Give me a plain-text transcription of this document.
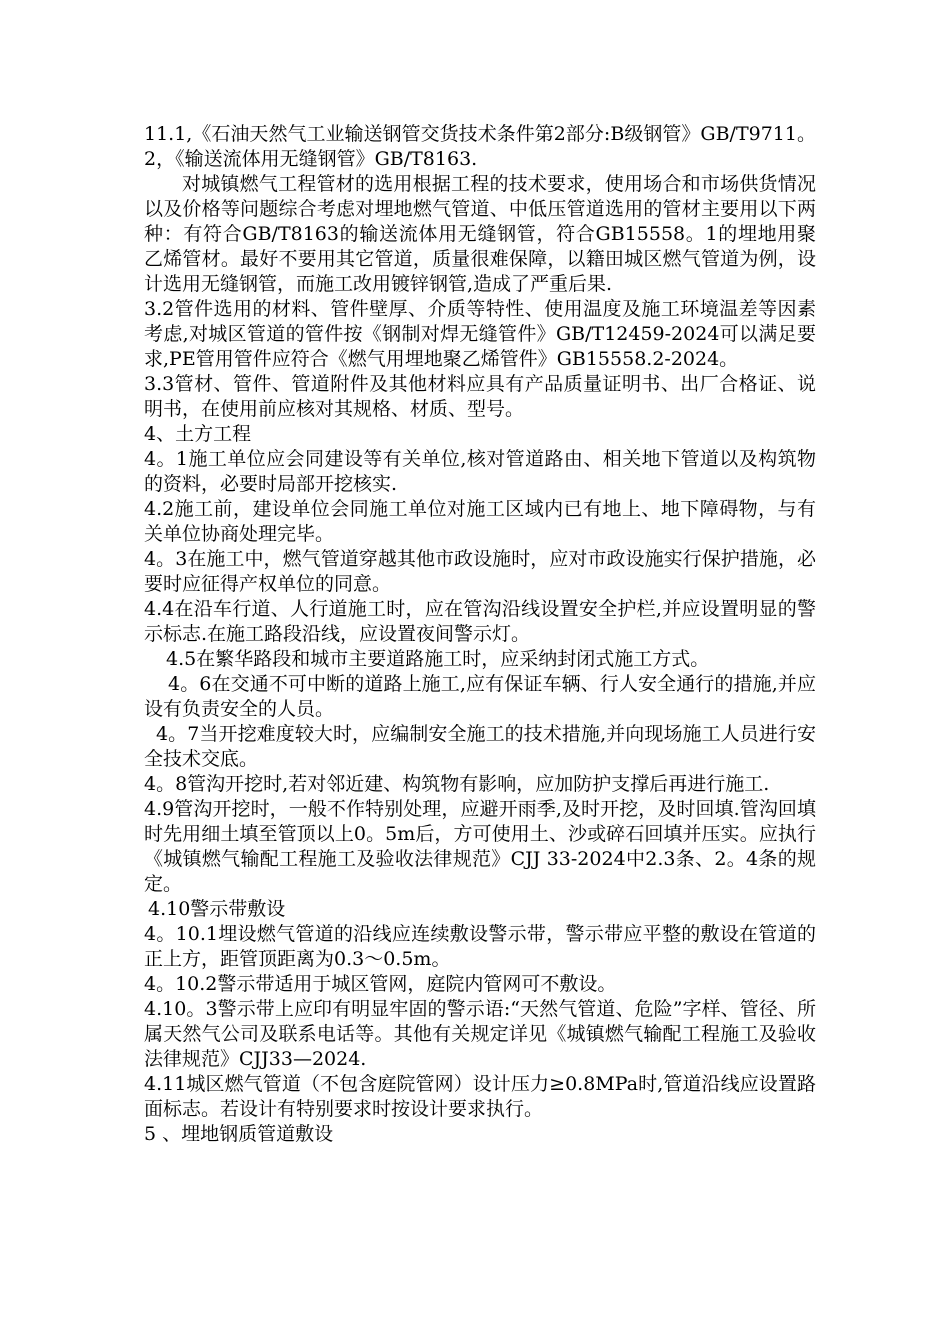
11.1,《石油天然气工业输送钢管交货技术条件第2部分:B级钢管》GB/T9711。2，《输送流体用无缝钢管》GB/T8163.

对城镇燃气工程管材的选用根据工程的技术要求，使用场合和市场供货情况以及价格等问题综合考虑对埋地燃气管道、中低压管道选用的管材主要用以下两种：有符合GB/T8163的输送流体用无缝钢管，符合GB15558。1的埋地用聚乙烯管材。最好不要用其它管道，质量很难保障，以籍田城区燃气管道为例，设计选用无缝钢管，而施工改用镀锌钢管,造成了严重后果.

3.2管件选用的材料、管件壁厚、介质等特性、使用温度及施工环境温差等因素考虑,对城区管道的管件按《钢制对焊无缝管件》GB/T12459-2024可以满足要求,PE管用管件应符合《燃气用埋地聚乙烯管件》GB15558.2-2024。

3.3管材、管件、管道附件及其他材料应具有产品质量证明书、出厂合格证、说明书，在使用前应核对其规格、材质、型号。

4、土方工程

4。1施工单位应会同建设等有关单位,核对管道路由、相关地下管道以及构筑物的资料，必要时局部开挖核实.

4.2施工前，建设单位会同施工单位对施工区域内已有地上、地下障碍物，与有关单位协商处理完毕。

4。3在施工中，燃气管道穿越其他市政设施时，应对市政设施实行保护措施，必要时应征得产权单位的同意。

4.4在沿车行道、人行道施工时，应在管沟沿线设置安全护栏,并应设置明显的警示标志.在施工路段沿线，应设置夜间警示灯。

4.5在繁华路段和城市主要道路施工时，应采纳封闭式施工方式。

4。6在交通不可中断的道路上施工,应有保证车辆、行人安全通行的措施,并应设有负责安全的人员。

4。7当开挖难度较大时，应编制安全施工的技术措施,并向现场施工人员进行安全技术交底。

4。8管沟开挖时,若对邻近建、构筑物有影响，应加防护支撑后再进行施工.

4.9管沟开挖时，一般不作特别处理，应避开雨季,及时开挖，及时回填.管沟回填时先用细土填至管顶以上0。5m后，方可使用土、沙或碎石回填并压实。应执行《城镇燃气输配工程施工及验收法律规范》CJJ 33-2024中2.3条、2。4条的规定。

4.10警示带敷设

4。10.1埋设燃气管道的沿线应连续敷设警示带，警示带应平整的敷设在管道的正上方，距管顶距离为0.3～0.5m。

4。10.2警示带适用于城区管网，庭院内管网可不敷设。

4.10。3警示带上应印有明显牢固的警示语:“天然气管道、危险”字样、管径、所属天然气公司及联系电话等。其他有关规定详见《城镇燃气输配工程施工及验收法律规范》CJJ33—2024.

4.11城区燃气管道（不包含庭院管网）设计压力≥0.8MPa时,管道沿线应设置路面标志。若设计有特别要求时按设计要求执行。

5 、埋地钢质管道敷设
